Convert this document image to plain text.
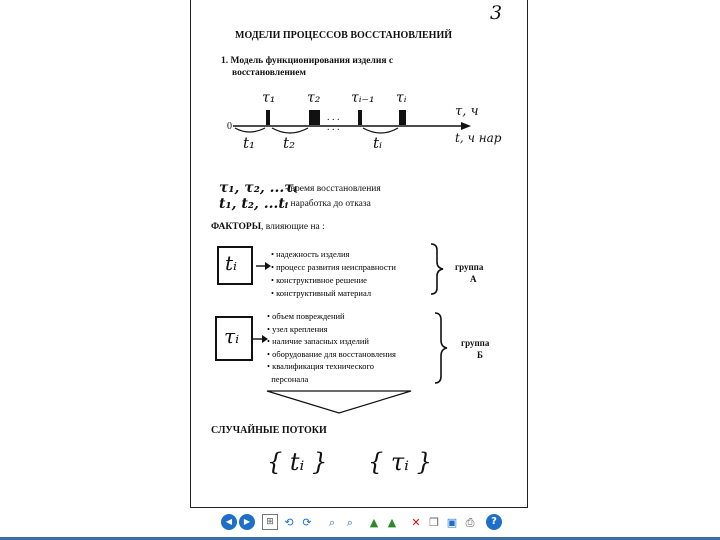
3
МОДЕЛИ ПРОЦЕССОВ ВОССТАНОВЛЕНИЙ
1. Модель функционирования изделия с
восстановлением
τ₁ τ₂ τᵢ₋₁ τᵢ
τ, ч
t, ч нар
0
. . .
. . .
t₁ t₂	tᵢ
τ₁, τ₂, ...τᵢ
- время восстановления
t₁, t₂, ...tᵢ
- наработка до отказа
ФАКТОРЫ, влияющие на :
tᵢ	• надежность изделия
• процесс развития неисправности
• конструктивное решение
• конструктивный материал
группа
А
τᵢ
• объем повреждений
• узел крепления
• наличие запасных изделий
• оборудование для восстановления
• квалификация технического
персонала
группа
Б
СЛУЧАЙНЫЕ ПОТОКИ
{ tᵢ } { τᵢ }
◀	▶	⊞ ⟲ ⟳	⌕	⌕	▲ ▲	✕ ❐ ▣ ⎙	?
